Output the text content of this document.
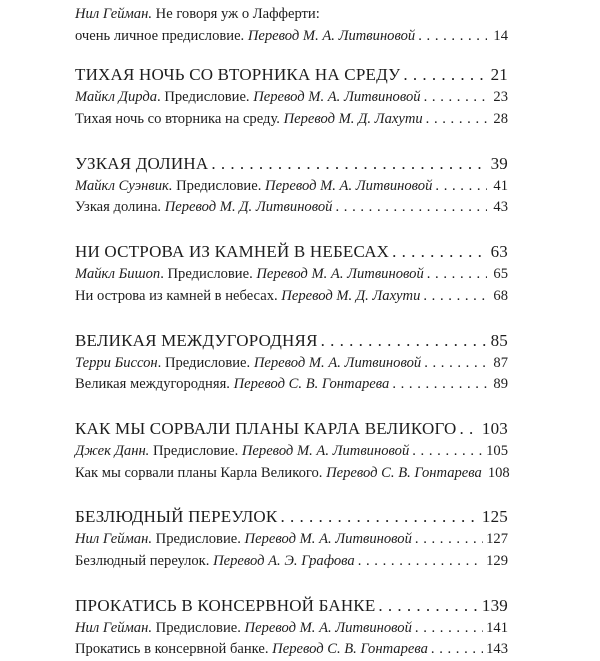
Нил Гейман. Не говоря уж о Лафферти:
очень личное предисловие. Перевод М. А. Литвиновой . . .	14
ТИХАЯ НОЧЬ СО ВТОРНИКА НА СРЕДУ . . .	21
Майкл Дирда. Предисловие. Перевод М. А. Литвиновой . . .	23
Тихая ночь со вторника на среду. Перевод М. Д. Лахути . . .	28
УЗКАЯ ДОЛИНА . . .	39
Майкл Суэнвик. Предисловие. Перевод М. А. Литвиновой . . .	41
Узкая долина. Перевод М. Д. Литвиновой . . .	43
НИ ОСТРОВА ИЗ КАМНЕЙ В НЕБЕСАХ . . .	63
Майкл Бишоп. Предисловие. Перевод М. А. Литвиновой . . .	65
Ни острова из камней в небесах. Перевод М. Д. Лахути . . .	68
ВЕЛИКАЯ МЕЖДУГОРОДНЯЯ . . .	85
Терри Биссон. Предисловие. Перевод М. А. Литвиновой . . .	87
Великая междугородняя. Перевод С. В. Гонтарева . . .	89
КАК МЫ СОРВАЛИ ПЛАНЫ КАРЛА ВЕЛИКОГО . . . 103
Джек Данн. Предисловие. Перевод М. А. Литвиновой . . .	105
Как мы сорвали планы Карла Великого. Перевод С. В. Гонтарева 108
БЕЗЛЮДНЫЙ ПЕРЕУЛОК . . .	125
Нил Гейман. Предисловие. Перевод М. А. Литвиновой . . .	127
Безлюдный переулок. Перевод А. Э. Графова . . .	129
ПРОКАТИСЬ В КОНСЕРВНОЙ БАНКЕ . . .	139
Нил Гейман. Предисловие. Перевод М. А. Литвиновой . . .	141
Прокатись в консервной банке. Перевод С. В. Гонтарева . . .	143
